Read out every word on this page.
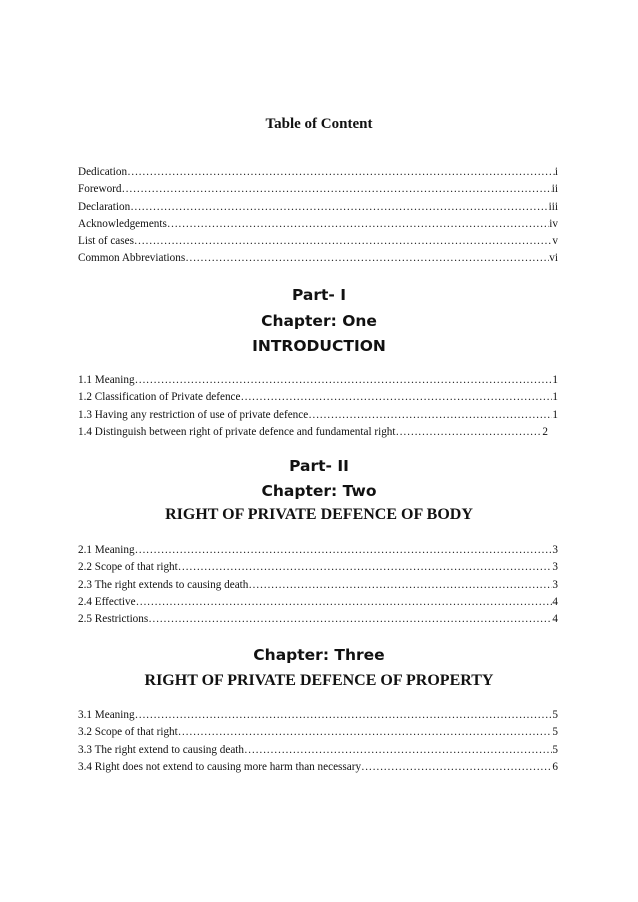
Table of Content
Dedication ……………………………………………………………………………………………………………………………………………………………………………	i
Foreword ……………………………………………………………………………………………………………………………………………………………………………	ii
Declaration ……………………………………………………………………………………………………………………………………………………………………………	iii
Acknowledgements ……………………………………………………………………………………………………………………………………………………………………………	iv
List of cases ……………………………………………………………………………………………………………………………………………………………………………	v
Common Abbreviations ……………………………………………………………………………………………………………………………………………………………………………	vi
Part- I
Chapter: One
INTRODUCTION
1.1 Meaning ……………………………………………………………………………………………………………………………………………………………………………	1
1.2 Classification of Private defence ……………………………………………………………………………………………………………………………………………………………………………	1
1.3 Having any restriction of use of private defence ……………………………………………………………………………………………………………………………………………………………………………	1
1.4 Distinguish between right of private defence and fundamental right ……………………………………………………………………………………………………………………………………………………………………………	2
Part- II
Chapter: Two
RIGHT OF PRIVATE DEFENCE OF BODY
2.1 Meaning ……………………………………………………………………………………………………………………………………………………………………………	3
2.2 Scope of that right ……………………………………………………………………………………………………………………………………………………………………………	3
2.3 The right extends to causing death ……………………………………………………………………………………………………………………………………………………………………………	3
2.4 Effective ……………………………………………………………………………………………………………………………………………………………………………	4
2.5 Restrictions ……………………………………………………………………………………………………………………………………………………………………………	4
Chapter: Three
RIGHT OF PRIVATE DEFENCE OF PROPERTY
3.1 Meaning ……………………………………………………………………………………………………………………………………………………………………………	5
3.2 Scope of that right ……………………………………………………………………………………………………………………………………………………………………………	5
3.3 The right extend to causing death ……………………………………………………………………………………………………………………………………………………………………………	5
3.4 Right does not extend to causing more harm than necessary ……………………………………………………………………………………………………………………………………………………………………………	6
